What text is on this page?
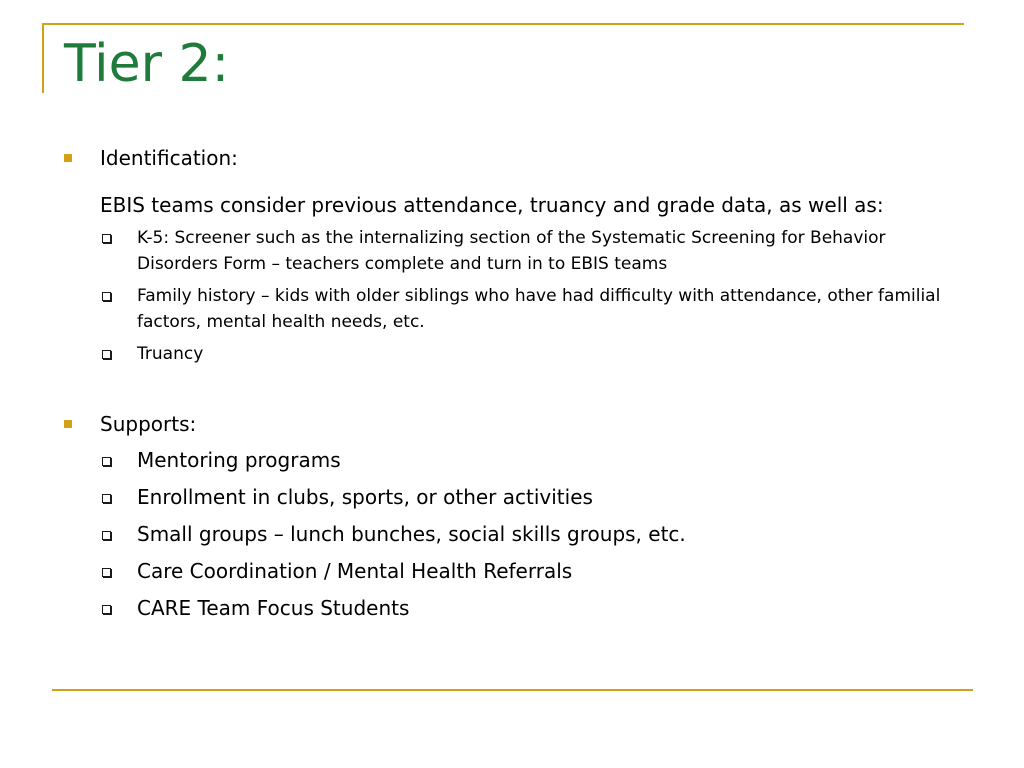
Tier 2:
Identification:
EBIS teams consider previous attendance, truancy and grade data, as well as:
K-5: Screener such as the internalizing section of the Systematic Screening for Behavior Disorders Form – teachers complete and turn in to EBIS teams
Family history – kids with older siblings who have had difficulty with attendance, other familial factors, mental health needs, etc.
Truancy
Supports:
Mentoring programs
Enrollment in clubs, sports, or other activities
Small groups – lunch bunches, social skills groups, etc.
Care Coordination / Mental Health Referrals
CARE Team Focus Students
